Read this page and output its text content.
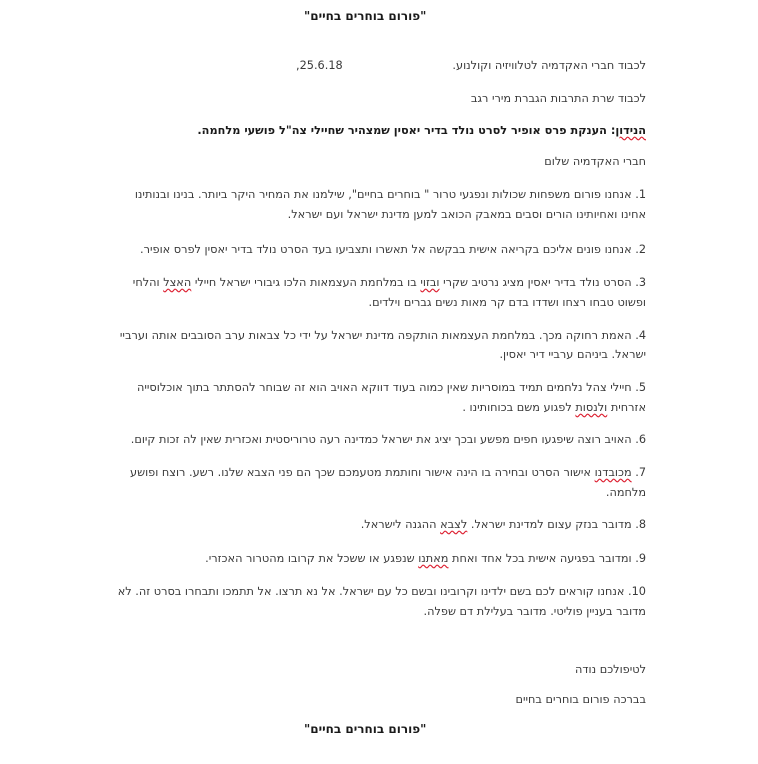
"פורום בוחרים בחיים"
לכבוד חברי האקדמיה לטלוויזיה וקולנוע.
,25.6.18
לכבוד שרת התרבות הגברת מירי רגב
הנידון: הענקת פרס אופיר לסרט נולד בדיר יאסין שמצהיר שחיילי צה"ל פושעי מלחמה.
חברי האקדמיה שלום
1. אנחנו פורום משפחות שכולות ונפגעי טרור " בוחרים בחיים", שילמנו את המחיר היקר ביותר. בנינו ובנותינו
אחינו ואחיותינו הורים וסבים במאבק הכואב למען מדינת ישראל ועם ישראל.
2. אנחנו פונים אליכם בקריאה אישית בבקשה אל תאשרו ותצביעו בעד הסרט נולד בדיר יאסין לפרס אופיר.
3. הסרט נולד בדיר יאסין מציג נרטיב שקרי ובזוי בו במלחמת העצמאות הלכו גיבורי ישראל חיילי האצל והלחי
ופשוט טבחו רצחו ושדדו בדם קר מאות נשים גברים וילדים.
4. האמת רחוקה מכך. במלחמת העצמאות הותקפה מדינת ישראל על ידי כל צבאות ערב הסובבים אותה וערביי
ישראל. ביניהם ערביי דיר יאסין.
5. חיילי צהל נלחמים תמיד במוסריות שאין כמוה בעוד דווקא האויב הוא זה שבוחר להסתתר בתוך אוכלוסייה
אזרחית ולנסות לפגוע משם בכוחותינו .
6. האויב רוצה שיפגעו חפים מפשע ובכך יציג את ישראל כמדינה רעה טרוריסטית ואכזרית שאין לה זכות קיום.
7. מכובדנו אישור הסרט ובחירה בו הינה אישור וחותמת מטעמכם שכך הם פני הצבא שלנו. רשע. רוצח ופושע
מלחמה.
8. מדובר בנזק עצום למדינת ישראל. לצבא ההגנה לישראל.
9. ומדובר בפגיעה אישית בכל אחד ואחת מאתנו שנפגע או ששכל את קרובו מהטרור האכזרי.
10. אנחנו קוראים לכם בשם ילדינו וקרובינו ובשם כל עם ישראל. אל נא תרצו. אל תתמכו ותבחרו בסרט זה. לא
מדובר בעניין פוליטי. מדובר בעלילת דם שפלה.
לטיפולכם נודה
בברכה פורום בוחרים בחיים
"פורום בוחרים בחיים"
